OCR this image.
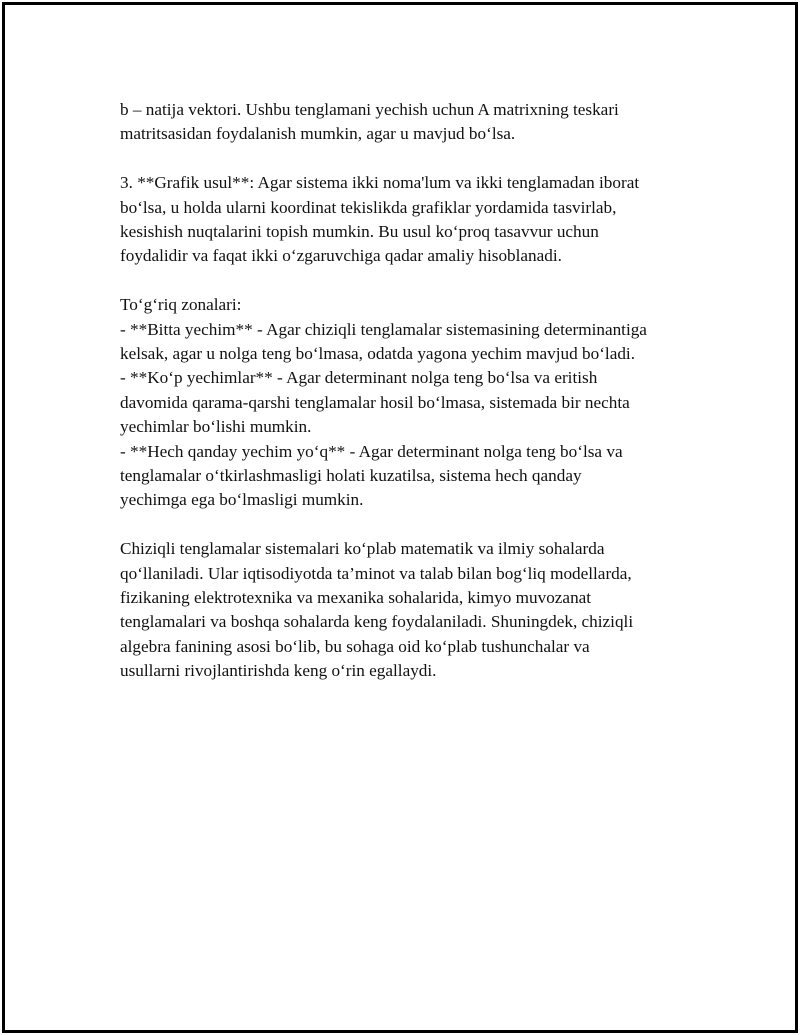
b – natija vektori. Ushbu tenglamani yechish uchun A matrixning teskari
matritsasidan foydalanish mumkin, agar u mavjud bo‘lsa.

3. **Grafik usul**: Agar sistema ikki noma'lum va ikki tenglamadan iborat
bo‘lsa, u holda ularni koordinat tekislikda grafiklar yordamida tasvirlab,
kesishish nuqtalarini topish mumkin. Bu usul ko‘proq tasavvur uchun
foydalidir va faqat ikki o‘zgaruvchiga qadar amaliy hisoblanadi.

To‘g‘riq zonalari:
- **Bitta yechim** - Agar chiziqli tenglamalar sistemasining determinantiga
kelsak, agar u nolga teng bo‘lmasa, odatda yagona yechim mavjud bo‘ladi.
- **Ko‘p yechimlar** - Agar determinant nolga teng bo‘lsa va eritish
davomida qarama-qarshi tenglamalar hosil bo‘lmasa, sistemada bir nechta
yechimlar bo‘lishi mumkin.
- **Hech qanday yechim yo‘q** - Agar determinant nolga teng bo‘lsa va
tenglamalar o‘tkirlashmasligi holati kuzatilsa, sistema hech qanday
yechimga ega bo‘lmasligi mumkin.

Chiziqli tenglamalar sistemalari ko‘plab matematik va ilmiy sohalarda
qo‘llaniladi. Ular iqtisodiyotda ta’minot va talab bilan bog‘liq modellarda,
fizikaning elektrotexnika va mexanika sohalarida, kimyo muvozanat
tenglamalari va boshqa sohalarda keng foydalaniladi. Shuningdek, chiziqli
algebra fanining asosi bo‘lib, bu sohaga oid ko‘plab tushunchalar va
usullarni rivojlantirishda keng o‘rin egallaydi.
